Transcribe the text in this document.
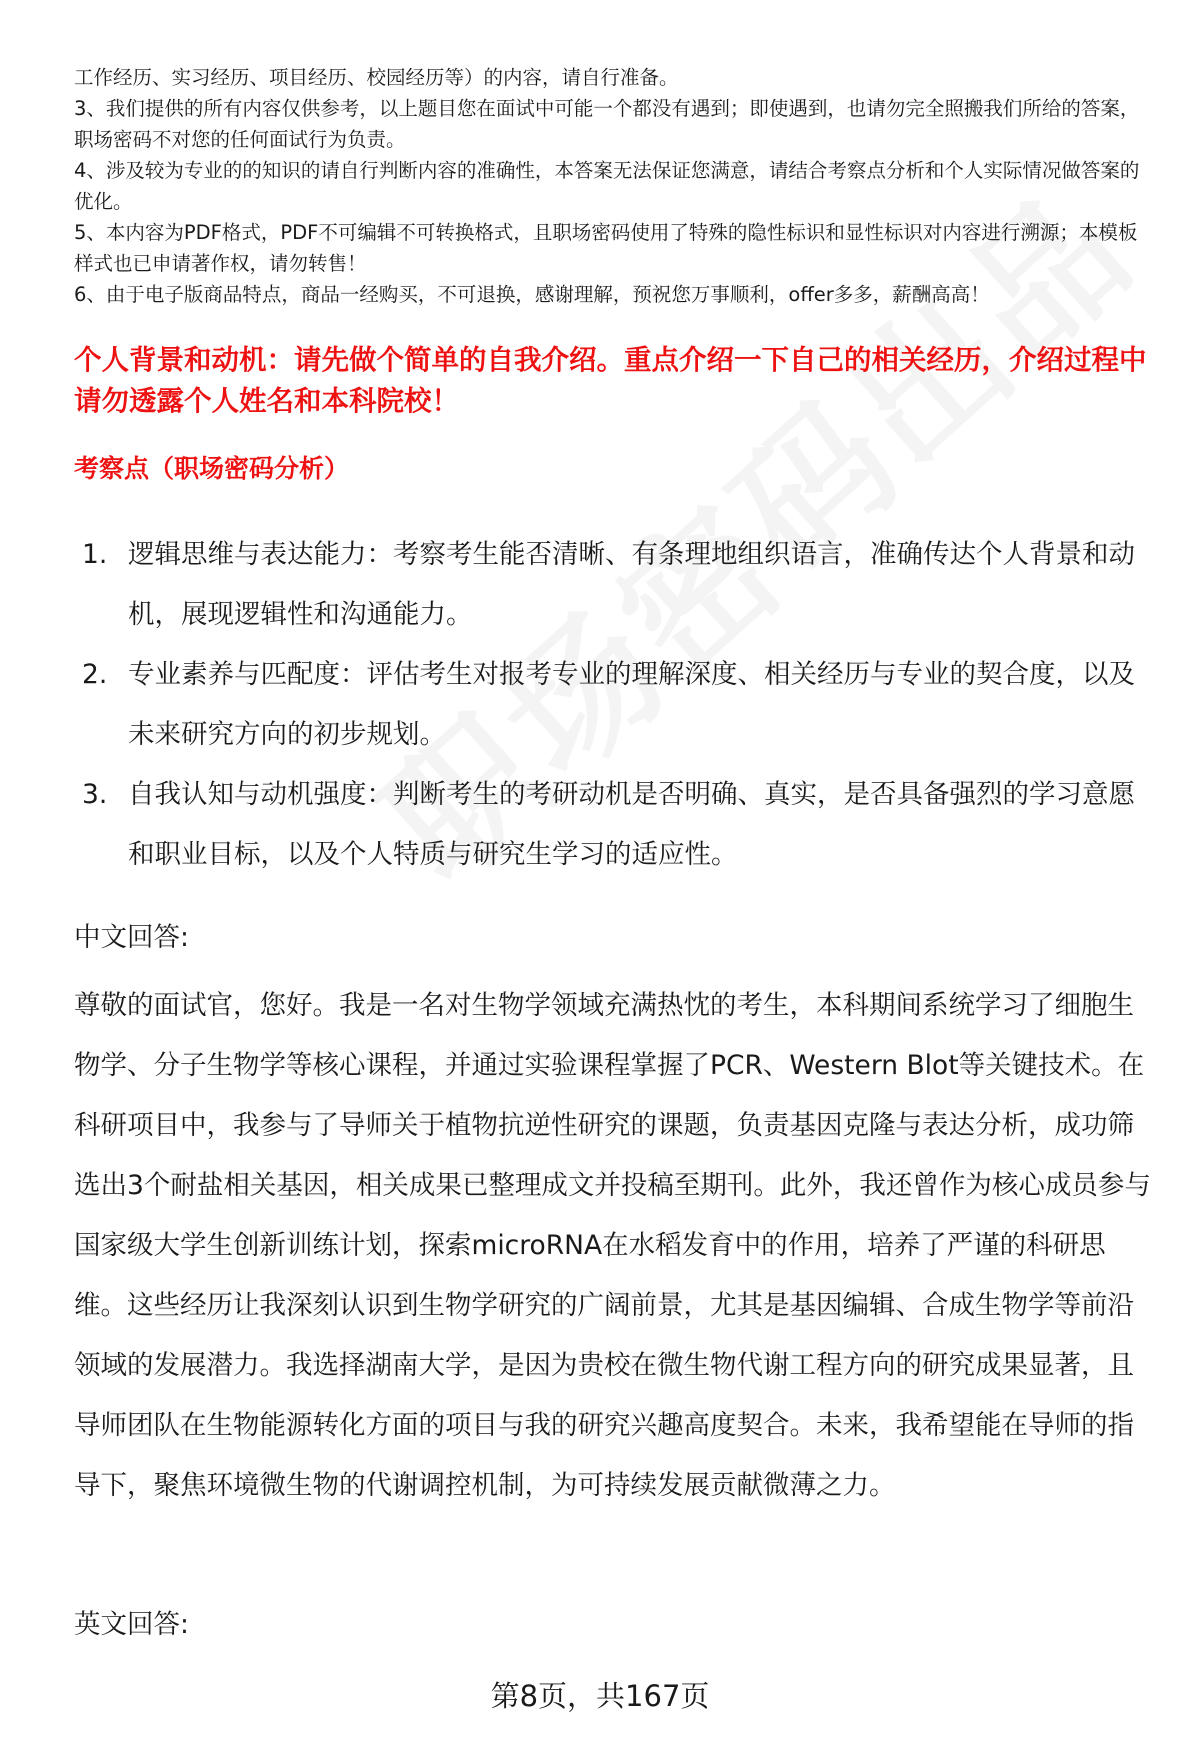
工作经历、实习经历、项目经历、校园经历等）的内容，请自行准备。

3、我们提供的所有内容仅供参考，以上题目您在面试中可能一个都没有遇到；即使遇到，也请勿完全照搬我们所给的答案，职场密码不对您的任何面试行为负责。

4、涉及较为专业的的知识的请自行判断内容的准确性，本答案无法保证您满意，请结合考察点分析和个人实际情况做答案的优化。

5、本内容为PDF格式，PDF不可编辑不可转换格式，且职场密码使用了特殊的隐性标识和显性标识对内容进行溯源；本模板样式也已申请著作权，请勿转售！

6、由于电子版商品特点，商品一经购买，不可退换，感谢理解，预祝您万事顺利，offer多多，薪酬高高！

个人背景和动机：请先做个简单的自我介绍。重点介绍一下自己的相关经历，介绍过程中请勿透露个人姓名和本科院校！
考察点（职场密码分析）
1. 逻辑思维与表达能力：考察考生能否清晰、有条理地组织语言，准确传达个人背景和动机，展现逻辑性和沟通能力。

2. 专业素养与匹配度：评估考生对报考专业的理解深度、相关经历与专业的契合度，以及未来研究方向的初步规划。

3. 自我认知与动机强度：判断考生的考研动机是否明确、真实，是否具备强烈的学习意愿和职业目标，以及个人特质与研究生学习的适应性。

中文回答:

尊敬的面试官，您好。我是一名对生物学领域充满热忱的考生，本科期间系统学习了细胞生物学、分子生物学等核心课程，并通过实验课程掌握了PCR、Western Blot等关键技术。在科研项目中，我参与了导师关于植物抗逆性研究的课题，负责基因克隆与表达分析，成功筛选出3个耐盐相关基因，相关成果已整理成文并投稿至期刊。此外，我还曾作为核心成员参与国家级大学生创新训练计划，探索microRNA在水稻发育中的作用，培养了严谨的科研思维。这些经历让我深刻认识到生物学研究的广阔前景，尤其是基因编辑、合成生物学等前沿领域的发展潜力。我选择湖南大学，是因为贵校在微生物代谢工程方向的研究成果显著，且导师团队在生物能源转化方面的项目与我的研究兴趣高度契合。未来，我希望能在导师的指导下，聚焦环境微生物的代谢调控机制，为可持续发展贡献微薄之力。

英文回答:
第8页，共167页
